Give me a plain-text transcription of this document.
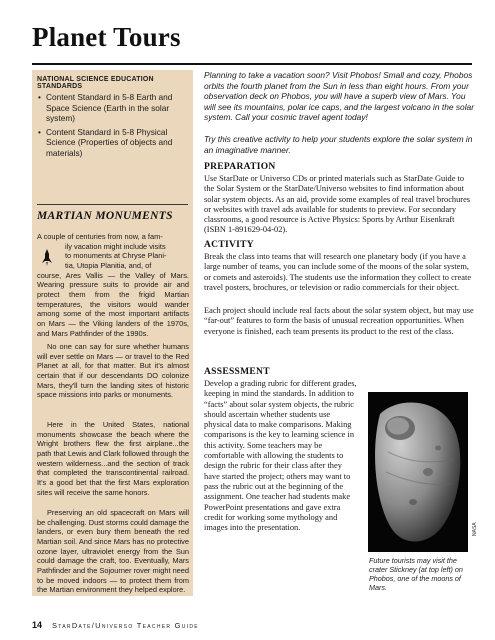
Planet Tours
NATIONAL SCIENCE EDUCATION STANDARDS
• Content Standard in 5-8 Earth and Space Science (Earth in the solar system)
• Content Standard in 5-8 Physical Science (Properties of objects and materials)
MARTIAN MONUMENTS
A couple of centuries from now, a fam-
ily vacation might include visits
to monuments at Chryse Plani-
tia, Utopia Planitia, and, of
course, Ares Vallis — the Valley of Mars. Wearing pressure suits to provide air and protect them from the frigid Martian temperatures, the visitors would wander among some of the most important artifacts on Mars — the Viking landers of the 1970s, and Mars Pathfinder of the 1990s.
No one can say for sure whether humans will ever settle on Mars — or travel to the Red Planet at all, for that matter. But it's almost certain that if our descendants DO colonize Mars, they'll turn the landing sites of historic space missions into parks or monuments.
Here in the United States, national monuments showcase the beach where the Wright brothers flew the first airplane...the path that Lewis and Clark followed through the western wilderness...and the section of track that completed the transcontinental railroad. It's a good bet that the first Mars exploration sites will receive the same honors.
Preserving an old spacecraft on Mars will be challenging. Dust storms could damage the landers, or even bury them beneath the red Martian soil. And since Mars has no protective ozone layer, ultraviolet energy from the Sun could damage the craft, too. Eventually, Mars Pathfinder and the Sojourner rover might need to be moved indoors — to protect them from the Martian environment they helped explore.
Planning to take a vacation soon? Visit Phobos! Small and cozy, Phobos orbits the fourth planet from the Sun in less than eight hours. From your observation deck on Phobos, you will have a superb view of Mars. You will see its mountains, polar ice caps, and the largest volcano in the solar system. Call your cosmic travel agent today!
Try this creative activity to help your students explore the solar system in an imaginative manner.
PREPARATION
Use StarDate or Universo CDs or printed materials such as StarDate Guide to the Solar System or the StarDate/Universo websites to find information about solar system objects. As an aid, provide some examples of real travel brochures or websites with travel ads available for students to preview. For secondary classrooms, a good resource is Active Physics: Sports by Arthur Eisenkraft (ISBN 1-891629-04-02).
ACTIVITY
Break the class into teams that will research one planetary body (if you have a large number of teams, you can include some of the moons of the solar system, or comets and asteroids). The students use the information they collect to create travel posters, brochures, or television or radio commercials for their object.
Each project should include real facts about the solar system object, but may use “far-out” features to form the basis of unusual recreation opportunities. When everyone is finished, each team presents its product to the rest of the class.
ASSESSMENT
Develop a grading rubric for different grades, keeping in mind the standards. In addition to “facts” about solar system objects, the rubric should ascertain whether students use physical data to make comparisons. Making comparisons is the key to learning science in this activity. Some teachers may be comfortable with allowing the students to design the rubric for their class after they have started the project; others may want to pass the rubric out at the beginning of the assignment. One teacher had students make PowerPoint presentations and gave extra credit for working some mythology and images into the presentation.	NASA
Future tourists may visit the crater Stickney (at top left) on Phobos, one of the moons of Mars.
14 StarDate/Universo Teacher Guide
